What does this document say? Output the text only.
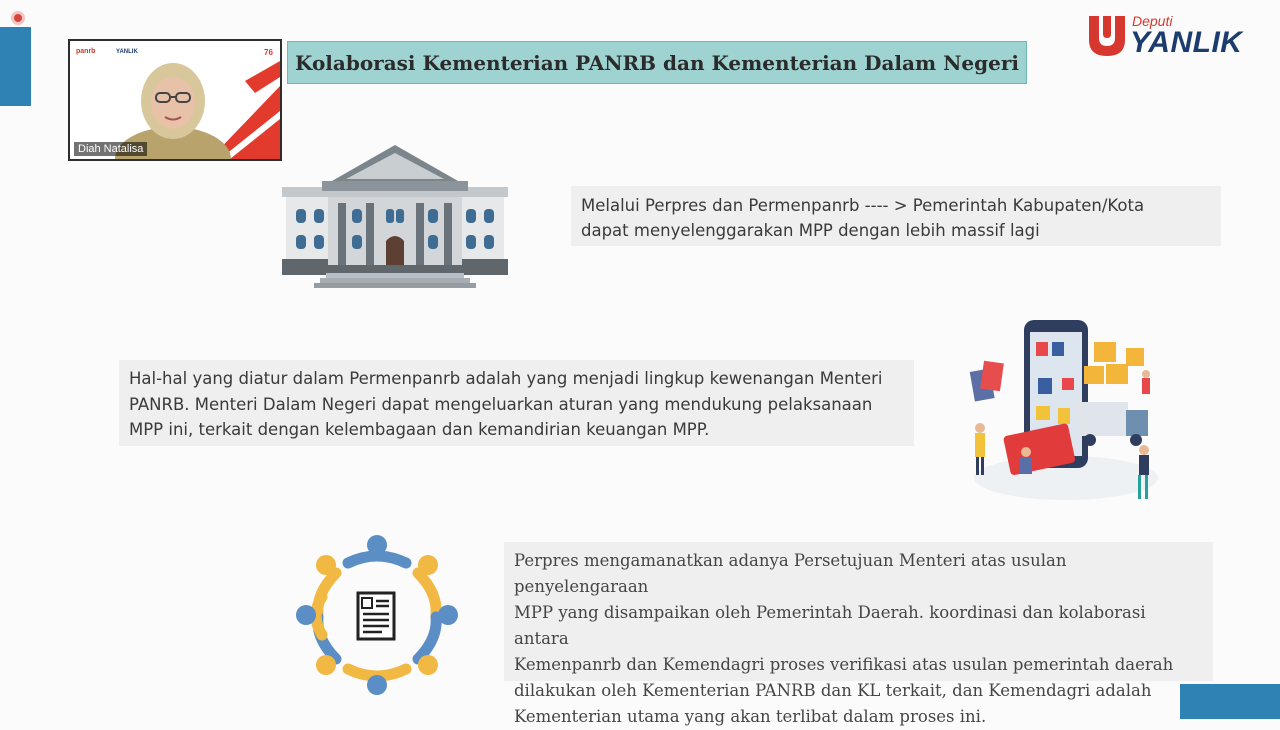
panrb	YANLIK	76
Diah Natalisa
Kolaborasi Kementerian PANRB dan Kementerian Dalam Negeri
Deputi
YANLIK
Melalui Perpres dan Permenpanrb ---- > Pemerintah Kabupaten/Kota
dapat menyelenggarakan MPP dengan lebih massif lagi
Hal-hal yang diatur dalam Permenpanrb adalah yang menjadi lingkup kewenangan Menteri
PANRB. Menteri Dalam Negeri dapat mengeluarkan aturan yang mendukung pelaksanaan
MPP ini, terkait dengan kelembagaan dan kemandirian keuangan MPP.
Perpres mengamanatkan adanya Persetujuan Menteri atas usulan penyelengaraan
MPP yang disampaikan oleh Pemerintah Daerah. koordinasi dan kolaborasi antara
Kemenpanrb dan Kemendagri proses verifikasi atas usulan pemerintah daerah
dilakukan oleh Kementerian PANRB dan KL terkait, dan Kemendagri adalah
Kementerian utama yang akan terlibat dalam proses ini.
